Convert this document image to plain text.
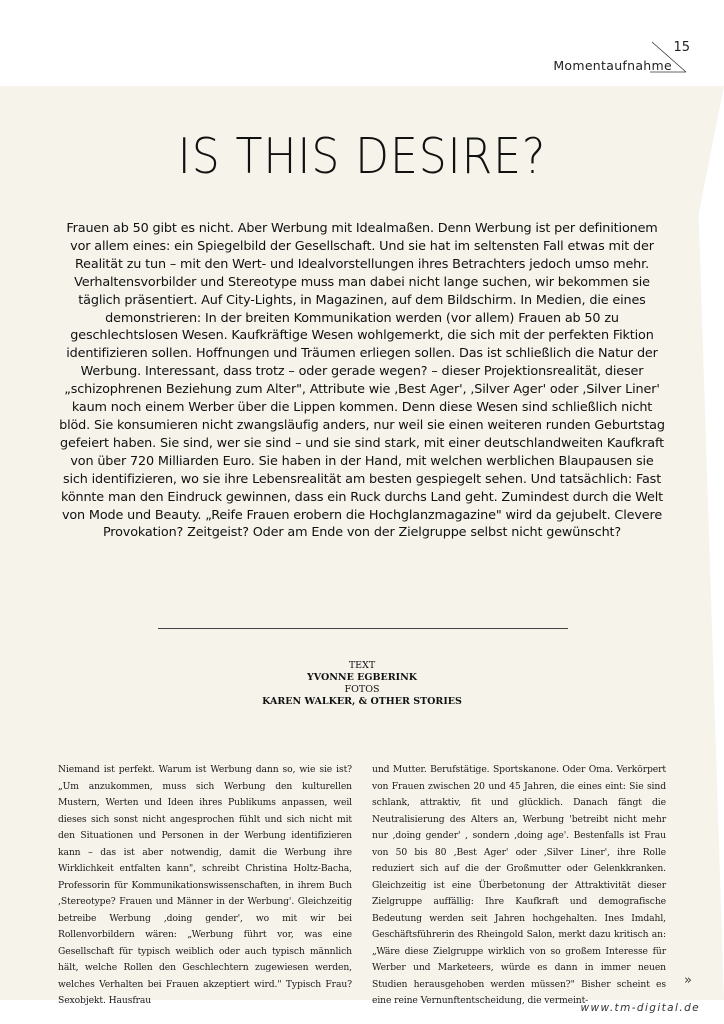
15
Momentaufnahme
IS THIS DESIRE?

Frauen ab 50 gibt es nicht. Aber Werbung mit Idealmaßen. Denn Werbung ist per definitionem vor allem eines: ein Spiegelbild der Gesellschaft. Und sie hat im seltensten Fall etwas mit der Realität zu tun – mit den Wert- und Idealvorstellungen ihres Betrachters jedoch umso mehr. Verhaltensvorbilder und Stereotype muss man dabei nicht lange suchen, wir bekommen sie täglich präsentiert. Auf City-Lights, in Magazinen, auf dem Bildschirm. In Medien, die eines demonstrieren: In der breiten Kommunikation werden (vor allem) Frauen ab 50 zu geschlechtslosen Wesen. Kaufkräftige Wesen wohlgemerkt, die sich mit der perfekten Fiktion identifizieren sollen. Hoffnungen und Träumen erliegen sollen. Das ist schließlich die Natur der Werbung. Interessant, dass trotz – oder gerade wegen? – dieser Projektionsrealität, dieser „schizophrenen Beziehung zum Alter", Attribute wie ‚Best Ager', ‚Silver Ager' oder ‚Silver Liner' kaum noch einem Werber über die Lippen kommen. Denn diese Wesen sind schließlich nicht blöd. Sie konsumieren nicht zwangsläufig anders, nur weil sie einen weiteren runden Geburtstag gefeiert haben. Sie sind, wer sie sind – und sie sind stark, mit einer deutschlandweiten Kaufkraft von über 720 Milliarden Euro. Sie haben in der Hand, mit welchen werblichen Blaupausen sie sich identifizieren, wo sie ihre Lebensrealität am besten gespiegelt sehen. Und tatsächlich: Fast könnte man den Eindruck gewinnen, dass ein Ruck durchs Land geht. Zumindest durch die Welt von Mode und Beauty. „Reife Frauen erobern die Hochglanzmagazine" wird da gejubelt. Clevere Provokation? Zeitgeist? Oder am Ende von der Zielgruppe selbst nicht gewünscht?

TEXT
YVONNE EGBERINK
FOTOS
KAREN WALKER, & OTHER STORIES

Niemand ist perfekt. Warum ist Werbung dann so, wie sie ist? „Um anzukommen, muss sich Werbung den kulturellen Mustern, Werten und Ideen ihres Publikums anpassen, weil dieses sich sonst nicht angesprochen fühlt und sich nicht mit den Situationen und Personen in der Werbung identifizieren kann – das ist aber notwendig, damit die Werbung ihre Wirklichkeit entfalten kann", schreibt Christina Holtz-Bacha, Professorin für Kommunikationswissenschaften, in ihrem Buch ‚Stereotype? Frauen und Männer in der Werbung'. Gleichzeitig betreibe Werbung ‚doing gender', wo mit wir bei Rollenvorbildern wären: „Werbung führt vor, was eine Gesellschaft für typisch weiblich oder auch typisch männlich hält, welche Rollen den Geschlechtern zugewiesen werden, welches Verhalten bei Frauen akzeptiert wird." Typisch Frau? Sexobjekt. Hausfrau

und Mutter. Berufstätige. Sportskanone. Oder Oma. Verkörpert von Frauen zwischen 20 und 45 Jahren, die eines eint: Sie sind schlank, attraktiv, fit und glücklich. Danach fängt die Neutralisierung des Alters an, Werbung 'betreibt nicht mehr nur ‚doing gender' , sondern ‚doing age'. Bestenfalls ist Frau von 50 bis 80 ‚Best Ager' oder ‚Silver Liner', ihre Rolle reduziert sich auf die der Großmutter oder Gelenkkranken. Gleichzeitig ist eine Überbetonung der Attraktivität dieser Zielgruppe auffällig: Ihre Kaufkraft und demografische Bedeutung werden seit Jahren hochgehalten. Ines Imdahl, Geschäftsführerin des Rheingold Salon, merkt dazu kritisch an: „Wäre diese Zielgruppe wirklich von so großem Interesse für Werber und Marketeers, würde es dann in immer neuen Studien herausgehoben werden müssen?" Bisher scheint es eine reine Vernunftentscheidung, die vermeint-

»
www.tm-digital.de
